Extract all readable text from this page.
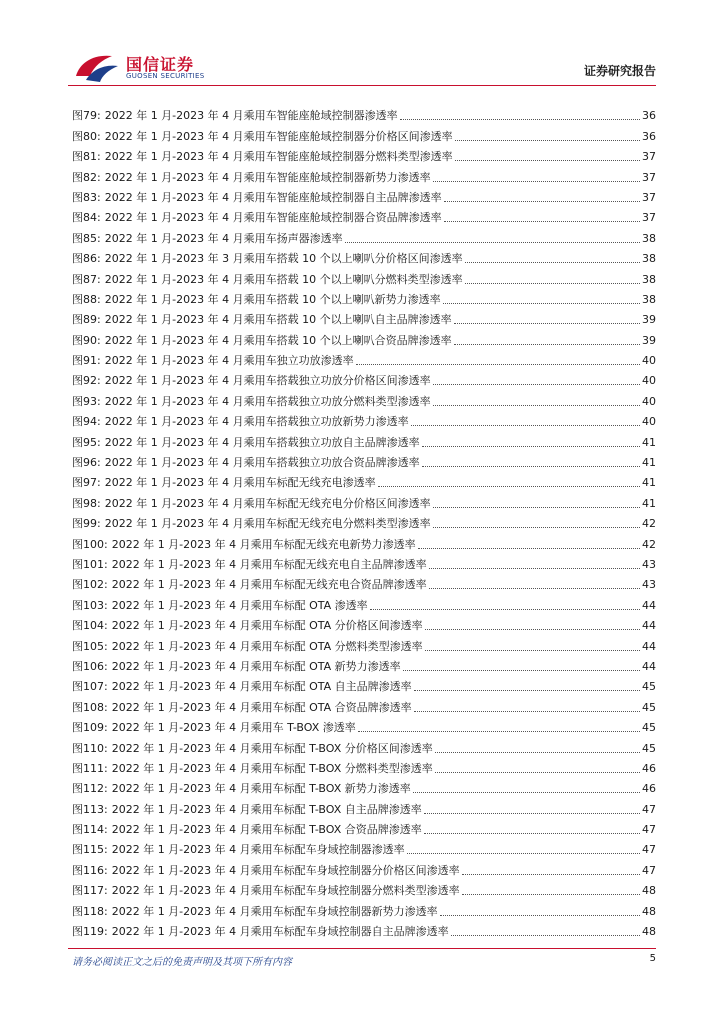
国信证券
GUOSEN SECURITIES	证券研究报告
图79: 2022 年 1 月-2023 年 4 月乘用车智能座舱域控制器渗透率	36
图80: 2022 年 1 月-2023 年 4 月乘用车智能座舱域控制器分价格区间渗透率	36
图81: 2022 年 1 月-2023 年 4 月乘用车智能座舱域控制器分燃料类型渗透率	37
图82: 2022 年 1 月-2023 年 4 月乘用车智能座舱域控制器新势力渗透率	37
图83: 2022 年 1 月-2023 年 4 月乘用车智能座舱域控制器自主品牌渗透率	37
图84: 2022 年 1 月-2023 年 4 月乘用车智能座舱域控制器合资品牌渗透率	37
图85: 2022 年 1 月-2023 年 4 月乘用车扬声器渗透率	38
图86: 2022 年 1 月-2023 年 3 月乘用车搭载 10 个以上喇叭分价格区间渗透率	38
图87: 2022 年 1 月-2023 年 4 月乘用车搭载 10 个以上喇叭分燃料类型渗透率	38
图88: 2022 年 1 月-2023 年 4 月乘用车搭载 10 个以上喇叭新势力渗透率	38
图89: 2022 年 1 月-2023 年 4 月乘用车搭载 10 个以上喇叭自主品牌渗透率	39
图90: 2022 年 1 月-2023 年 4 月乘用车搭载 10 个以上喇叭合资品牌渗透率	39
图91: 2022 年 1 月-2023 年 4 月乘用车独立功放渗透率	40
图92: 2022 年 1 月-2023 年 4 月乘用车搭载独立功放分价格区间渗透率	40
图93: 2022 年 1 月-2023 年 4 月乘用车搭载独立功放分燃料类型渗透率	40
图94: 2022 年 1 月-2023 年 4 月乘用车搭载独立功放新势力渗透率	40
图95: 2022 年 1 月-2023 年 4 月乘用车搭载独立功放自主品牌渗透率	41
图96: 2022 年 1 月-2023 年 4 月乘用车搭载独立功放合资品牌渗透率	41
图97: 2022 年 1 月-2023 年 4 月乘用车标配无线充电渗透率	41
图98: 2022 年 1 月-2023 年 4 月乘用车标配无线充电分价格区间渗透率	41
图99: 2022 年 1 月-2023 年 4 月乘用车标配无线充电分燃料类型渗透率	42
图100: 2022 年 1 月-2023 年 4 月乘用车标配无线充电新势力渗透率	42
图101: 2022 年 1 月-2023 年 4 月乘用车标配无线充电自主品牌渗透率	43
图102: 2022 年 1 月-2023 年 4 月乘用车标配无线充电合资品牌渗透率	43
图103: 2022 年 1 月-2023 年 4 月乘用车标配 OTA 渗透率	44
图104: 2022 年 1 月-2023 年 4 月乘用车标配 OTA 分价格区间渗透率	44
图105: 2022 年 1 月-2023 年 4 月乘用车标配 OTA 分燃料类型渗透率	44
图106: 2022 年 1 月-2023 年 4 月乘用车标配 OTA 新势力渗透率	44
图107: 2022 年 1 月-2023 年 4 月乘用车标配 OTA 自主品牌渗透率	45
图108: 2022 年 1 月-2023 年 4 月乘用车标配 OTA 合资品牌渗透率	45
图109: 2022 年 1 月-2023 年 4 月乘用车 T-BOX 渗透率	45
图110: 2022 年 1 月-2023 年 4 月乘用车标配 T-BOX 分价格区间渗透率	45
图111: 2022 年 1 月-2023 年 4 月乘用车标配 T-BOX 分燃料类型渗透率	46
图112: 2022 年 1 月-2023 年 4 月乘用车标配 T-BOX 新势力渗透率	46
图113: 2022 年 1 月-2023 年 4 月乘用车标配 T-BOX 自主品牌渗透率	47
图114: 2022 年 1 月-2023 年 4 月乘用车标配 T-BOX 合资品牌渗透率	47
图115: 2022 年 1 月-2023 年 4 月乘用车标配车身域控制器渗透率	47
图116: 2022 年 1 月-2023 年 4 月乘用车标配车身域控制器分价格区间渗透率	47
图117: 2022 年 1 月-2023 年 4 月乘用车标配车身域控制器分燃料类型渗透率	48
图118: 2022 年 1 月-2023 年 4 月乘用车标配车身域控制器新势力渗透率	48
图119: 2022 年 1 月-2023 年 4 月乘用车标配车身域控制器自主品牌渗透率	48
请务必阅读正文之后的免责声明及其项下所有内容	5
